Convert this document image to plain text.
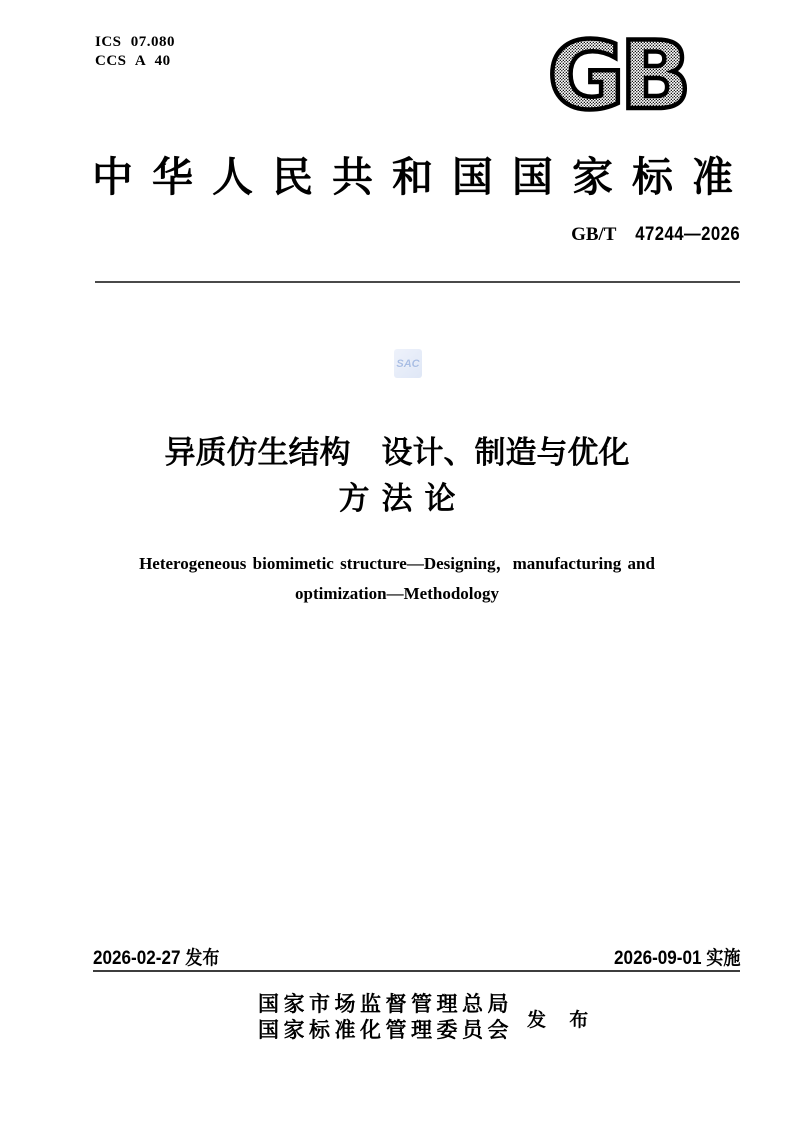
ICS 07.080
CCS A 40	GB
中华人民共和国国家标准
GB/T 47244—2026
SAC
异质仿生结构　设计、制造与优化
方法论
Heterogeneous biomimetic structure—Designing，manufacturing and
optimization—Methodology
2026-02-27 发布	2026-09-01 实施
国家市场监督管理总局
国家标准化管理委员会 发 布
